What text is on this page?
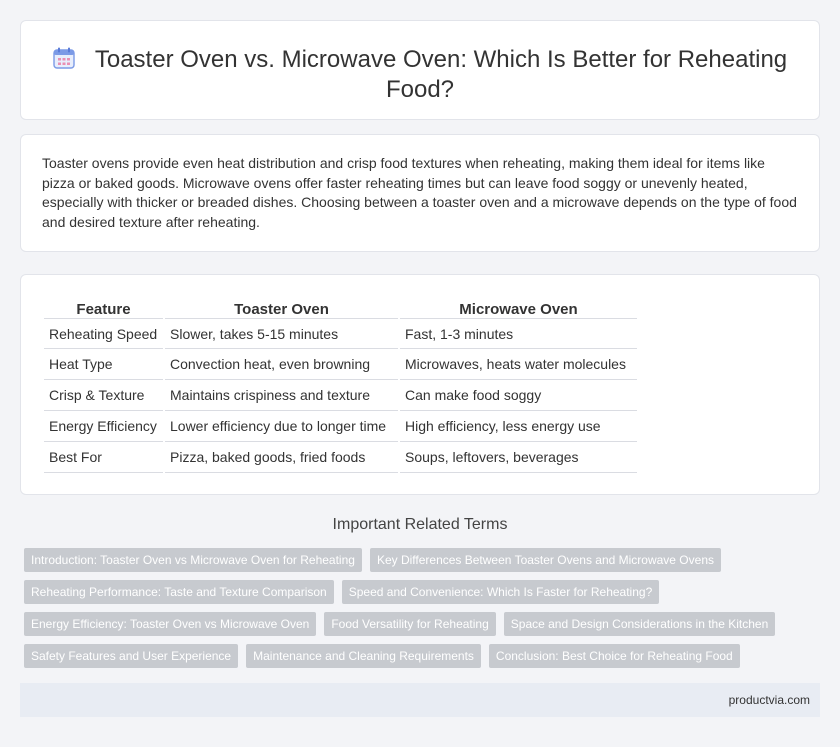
Toaster Oven vs. Microwave Oven: Which Is Better for Reheating Food?

Toaster ovens provide even heat distribution and crisp food textures when reheating, making them ideal for items like pizza or baked goods. Microwave ovens offer faster reheating times but can leave food soggy or unevenly heated, especially with thicker or breaded dishes. Choosing between a toaster oven and a microwave depends on the type of food and desired texture after reheating.

Feature	Toaster Oven	Microwave Oven
Reheating Speed	Slower, takes 5-15 minutes	Fast, 1-3 minutes
Heat Type	Convection heat, even browning	Microwaves, heats water molecules
Crisp & Texture	Maintains crispiness and texture	Can make food soggy
Energy Efficiency	Lower efficiency due to longer time	High efficiency, less energy use
Best For	Pizza, baked goods, fried foods	Soups, leftovers, beverages
Important Related Terms
Introduction: Toaster Oven vs Microwave Oven for Reheating	Key Differences Between Toaster Ovens and Microwave Ovens
Reheating Performance: Taste and Texture Comparison	Speed and Convenience: Which Is Faster for Reheating?
Energy Efficiency: Toaster Oven vs Microwave Oven	Food Versatility for Reheating	Space and Design Considerations in the Kitchen
Safety Features and User Experience	Maintenance and Cleaning Requirements	Conclusion: Best Choice for Reheating Food
productvia.com
